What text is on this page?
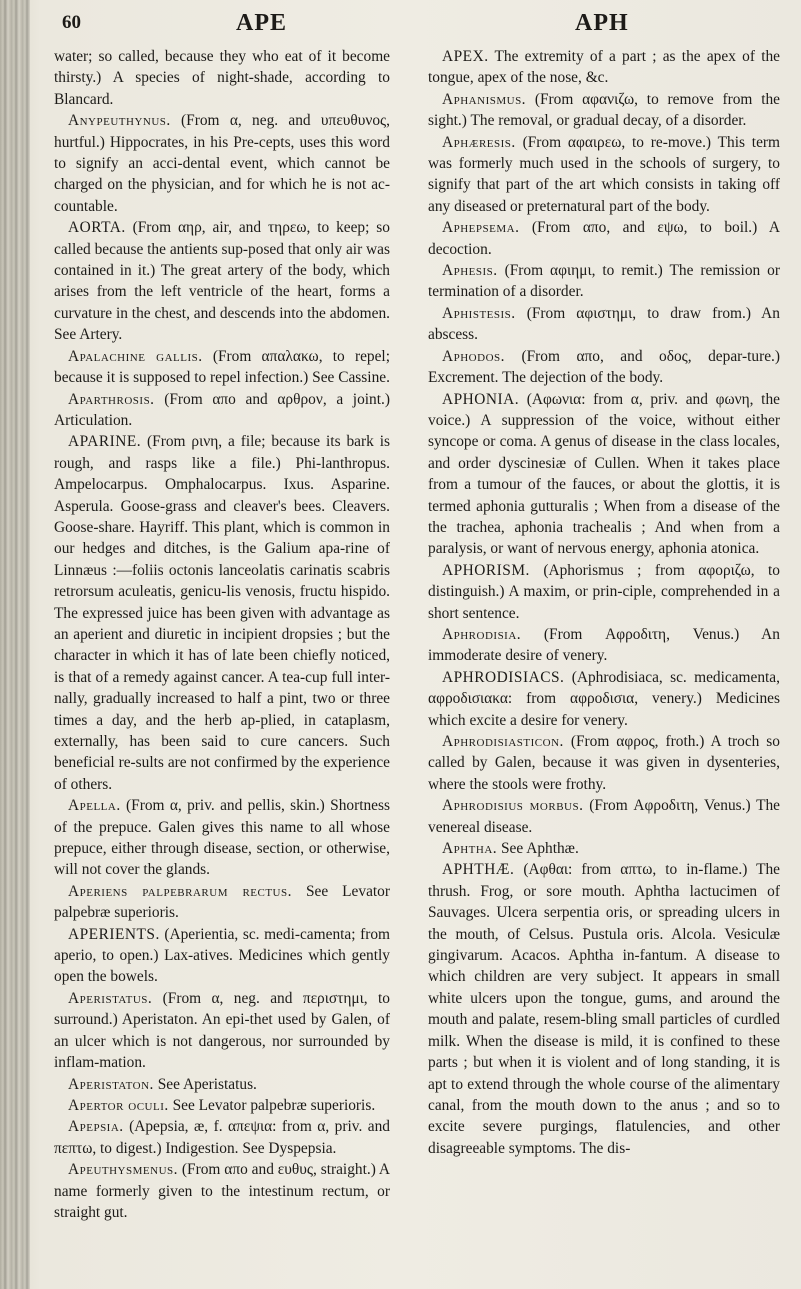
60	APE	APH

water; so called, because they who eat of it become thirsty.) A species of night-shade, according to Blancard.

Anypeuthynus. (From α, neg. and υπευθυνος, hurtful.) Hippocrates, in his Pre-cepts, uses this word to signify an acci-dental event, which cannot be charged on the physician, and for which he is not ac-countable.

AORTA. (From αηρ, air, and τηρεω, to keep; so called because the antients sup-posed that only air was contained in it.) The great artery of the body, which arises from the left ventricle of the heart, forms a curvature in the chest, and descends into the abdomen. See Artery.

Apalachine gallis. (From απαλακω, to repel; because it is supposed to repel infection.) See Cassine.

Aparthrosis. (From απο and αρθρον, a joint.) Articulation.

APARINE. (From ρινη, a file; because its bark is rough, and rasps like a file.) Phi-lanthropus. Ampelocarpus. Omphalocarpus. Ixus. Asparine. Asperula. Goose-grass and cleaver's bees. Cleavers. Goose-share. Hayriff. This plant, which is common in our hedges and ditches, is the Galium apa-rine of Linnæus :—foliis octonis lanceolatis carinatis scabris retrorsum aculeatis, genicu-lis venosis, fructu hispido. The expressed juice has been given with advantage as an aperient and diuretic in incipient dropsies ; but the character in which it has of late been chiefly noticed, is that of a remedy against cancer. A tea-cup full inter-nally, gradually increased to half a pint, two or three times a day, and the herb ap-plied, in cataplasm, externally, has been said to cure cancers. Such beneficial re-sults are not confirmed by the experience of others.

Apella. (From α, priv. and pellis, skin.) Shortness of the prepuce. Galen gives this name to all whose prepuce, either through disease, section, or otherwise, will not cover the glands.

Aperiens palpebrarum rectus. See Levator palpebræ superioris.

APERIENTS. (Aperientia, sc. medi-camenta; from aperio, to open.) Lax-atives. Medicines which gently open the bowels.

Aperistatus. (From α, neg. and περιστημι, to surround.) Aperistaton. An epi-thet used by Galen, of an ulcer which is not dangerous, nor surrounded by inflam-mation.

Aperistaton. See Aperistatus.

Apertor oculi. See Levator palpebræ superioris.

Apepsia. (Apepsia, æ, f. απεψια: from α, priv. and πεπτω, to digest.) Indigestion. See Dyspepsia.

Apeuthysmenus. (From απο and ευθυς, straight.) A name formerly given to the intestinum rectum, or straight gut.

APEX. The extremity of a part ; as the apex of the tongue, apex of the nose, &c.

Aphanismus. (From αφανιζω, to remove from the sight.) The removal, or gradual decay, of a disorder.

Aphæresis. (From αφαιρεω, to re-move.) This term was formerly much used in the schools of surgery, to signify that part of the art which consists in taking off any diseased or preternatural part of the body.

Aphepsema. (From απο, and εψω, to boil.) A decoction.

Aphesis. (From αφιημι, to remit.) The remission or termination of a disorder.

Aphistesis. (From αφιστημι, to draw from.) An abscess.

Aphodos. (From απο, and οδος, depar-ture.) Excrement. The dejection of the body.

APHONIA. (Αφωνια: from α, priv. and φωνη, the voice.) A suppression of the voice, without either syncope or coma. A genus of disease in the class locales, and order dyscinesiæ of Cullen. When it takes place from a tumour of the fauces, or about the glottis, it is termed aphonia gutturalis ; When from a disease of the the trachea, aphonia trachealis ; And when from a paralysis, or want of nervous energy, aphonia atonica.

APHORISM. (Aphorismus ; from αφοριζω, to distinguish.) A maxim, or prin-ciple, comprehended in a short sentence.

Aphrodisia. (From Αφροδιτη, Venus.) An immoderate desire of venery.

APHRODISIACS. (Aphrodisiaca, sc. medicamenta, αφροδισιακα: from αφροδισια, venery.) Medicines which excite a desire for venery.

Aphrodisiasticon. (From αφρος, froth.) A troch so called by Galen, because it was given in dysenteries, where the stools were frothy.

Aphrodisius morbus. (From Αφροδιτη, Venus.) The venereal disease.

Aphtha. See Aphthæ.

APHTHÆ. (Αφθαι: from απτω, to in-flame.) The thrush. Frog, or sore mouth. Aphtha lactucimen of Sauvages. Ulcera serpentia oris, or spreading ulcers in the mouth, of Celsus. Pustula oris. Alcola. Vesiculæ gingivarum. Acacos. Aphtha in-fantum. A disease to which children are very subject. It appears in small white ulcers upon the tongue, gums, and around the mouth and palate, resem-bling small particles of curdled milk. When the disease is mild, it is confined to these parts ; but when it is violent and of long standing, it is apt to extend through the whole course of the alimentary canal, from the mouth down to the anus ; and so to excite severe purgings, flatulencies, and other disagreeable symptoms. The dis-
